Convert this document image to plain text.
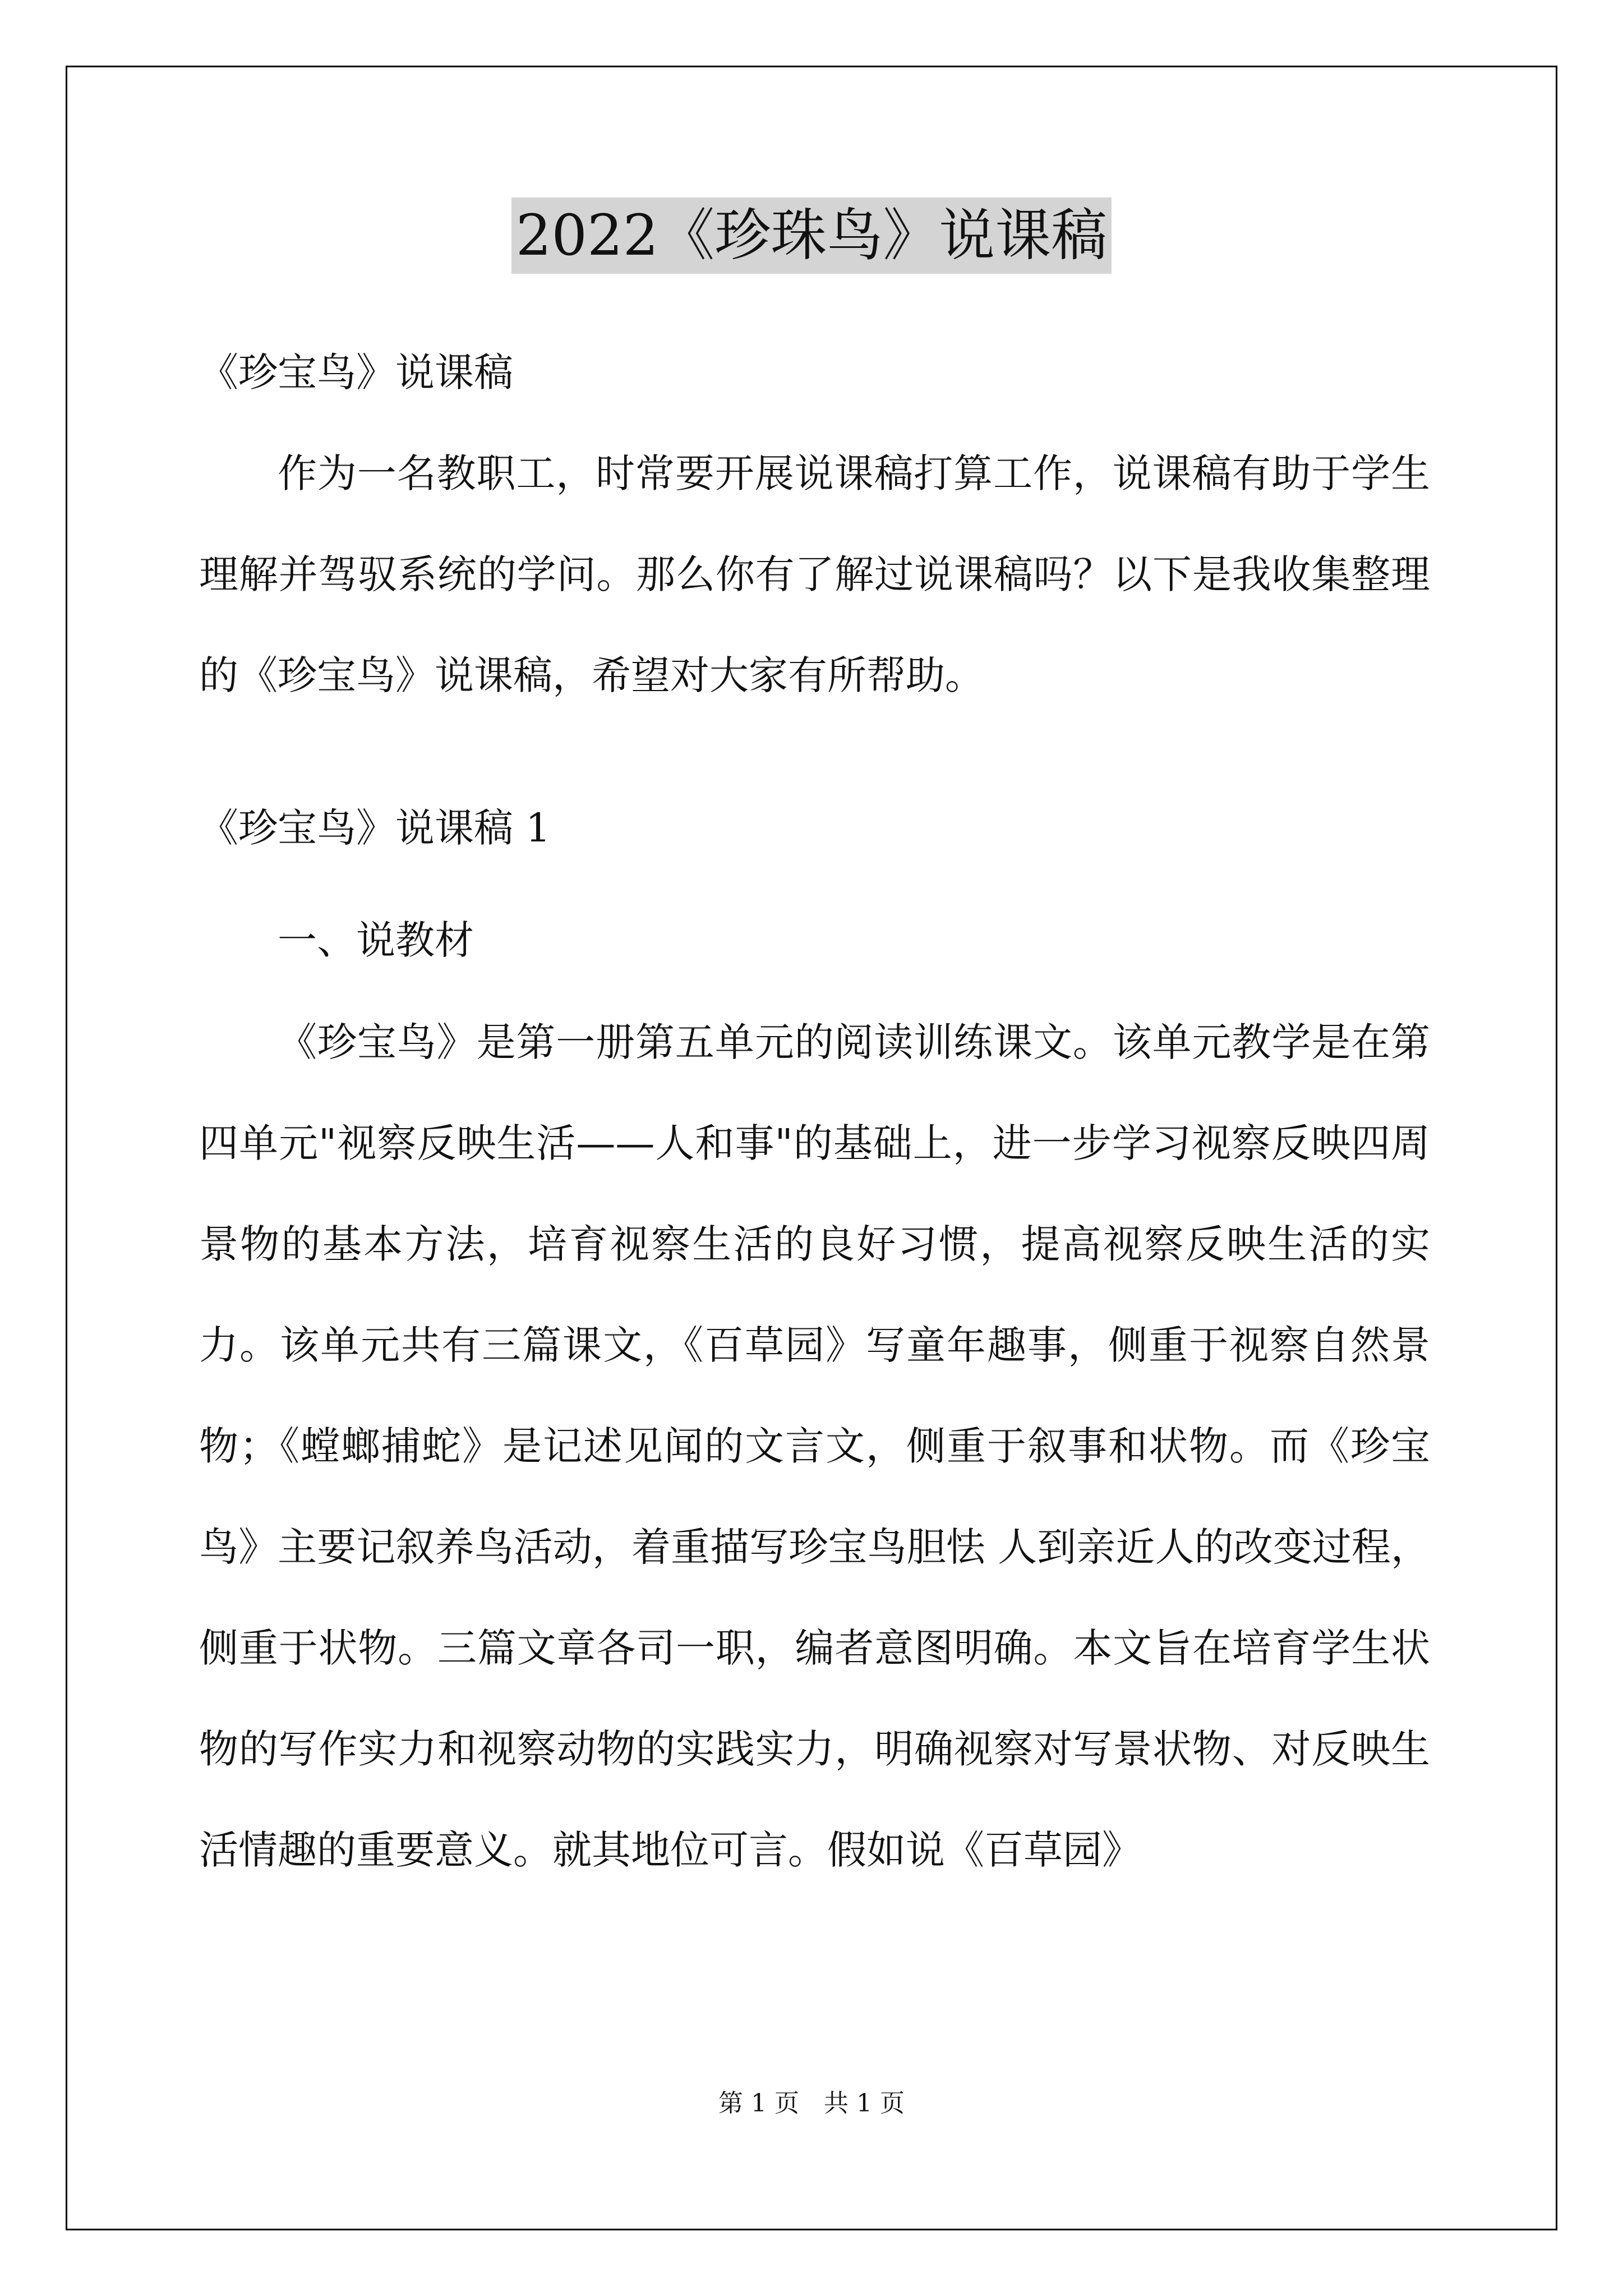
2022《珍珠鸟》说课稿
《珍宝鸟》说课稿

作为一名教职工，时常要开展说课稿打算工作，说课稿有助于学生理解并驾驭系统的学问。那么你有了解过说课稿吗？以下是我收集整理的《珍宝鸟》说课稿，希望对大家有所帮助。

《珍宝鸟》说课稿 1
一、说教材

《珍宝鸟》是第一册第五单元的阅读训练课文。该单元教学是在第四单元"视察反映生活——人和事"的基础上，进一步学习视察反映四周景物的基本方法，培育视察生活的良好习惯，提高视察反映生活的实力。该单元共有三篇课文，《百草园》写童年趣事，侧重于视察自然景物；《螳螂捕蛇》是记述见闻的文言文，侧重于叙事和状物。而《珍宝鸟》主要记叙养鸟活动，着重描写珍宝鸟胆怯 人到亲近人的改变过程，侧重于状物。三篇文章各司一职，编者意图明确。本文旨在培育学生状物的写作实力和视察动物的实践实力，明确视察对写景状物、对反映生活情趣的重要意义。就其地位可言。假如说《百草园》

第 1 页　共 1 页
